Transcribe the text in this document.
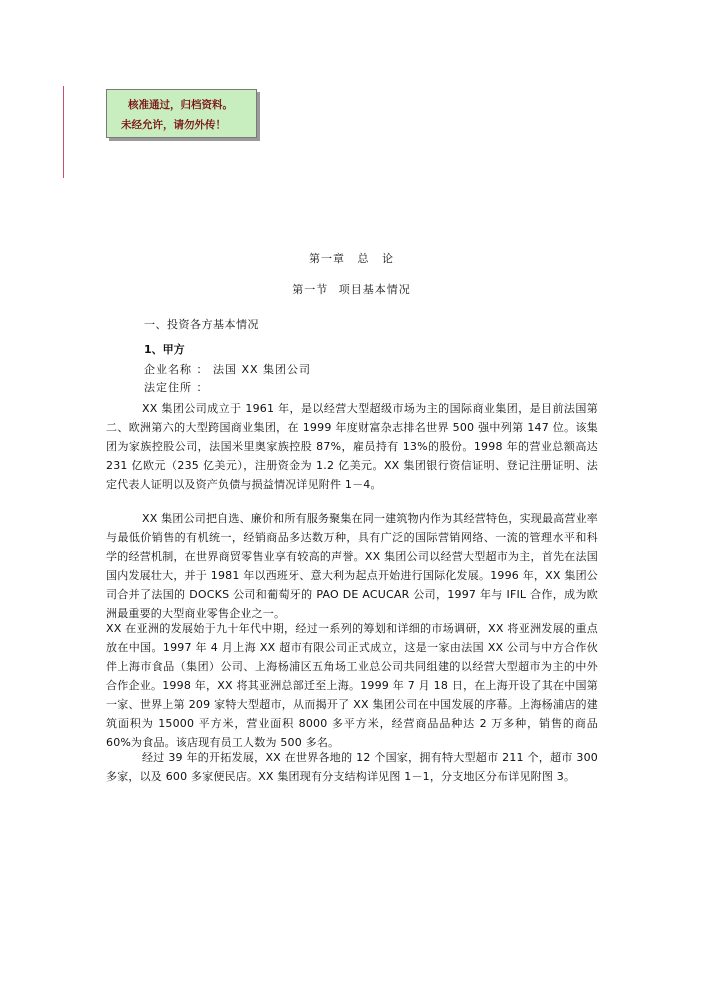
核准通过，归档资料。
未经允许，请勿外传！
第一章 总 论
第一节 项目基本情况
一、投资各方基本情况
1、甲方
企业名称 ： 法国 XX 集团公司
法定住所 ：
XX 集团公司成立于 1961 年，是以经营大型超级市场为主的国际商业集团，是目前法国第二、欧洲第六的大型跨国商业集团，在 1999 年度财富杂志排名世界 500 强中列第 147 位。该集团为家族控股公司，法国米里奥家族控股 87%，雇员持有 13%的股份。1998 年的营业总额高达 231 亿欧元（235 亿美元），注册资金为 1.2 亿美元。XX 集团银行资信证明、登记注册证明、法定代表人证明以及资产负债与损益情况详见附件 1－4。
XX 集团公司把自选、廉价和所有服务聚集在同一建筑物内作为其经营特色，实现最高营业率与最低价销售的有机统一，经销商品多达数万种，具有广泛的国际营销网络、一流的管理水平和科学的经营机制，在世界商贸零售业享有较高的声誉。XX 集团公司以经营大型超市为主，首先在法国国内发展壮大，并于 1981 年以西班牙、意大利为起点开始进行国际化发展。1996 年，XX 集团公司合并了法国的 DOCKS 公司和葡萄牙的 PAO DE ACUCAR 公司，1997 年与 IFIL 合作，成为欧洲最重要的大型商业零售企业之一。
XX 在亚洲的发展始于九十年代中期，经过一系列的筹划和详细的市场调研，XX 将亚洲发展的重点放在中国。1997 年 4 月上海 XX 超市有限公司正式成立，这是一家由法国 XX 公司与中方合作伙伴上海市食品（集团）公司、上海杨浦区五角场工业总公司共同组建的以经营大型超市为主的中外合作企业。1998 年，XX 将其亚洲总部迁至上海。1999 年 7 月 18 日，在上海开设了其在中国第一家、世界上第 209 家特大型超市，从而揭开了 XX 集团公司在中国发展的序幕。上海杨浦店的建筑面积为 15000 平方米，营业面积 8000 多平方米，经营商品品种达 2 万多种，销售的商品 60%为食品。该店现有员工人数为 500 多名。
经过 39 年的开拓发展，XX 在世界各地的 12 个国家，拥有特大型超市 211 个，超市 300 多家，以及 600 多家便民店。XX 集团现有分支结构详见图 1－1，分支地区分布详见附图 3。
